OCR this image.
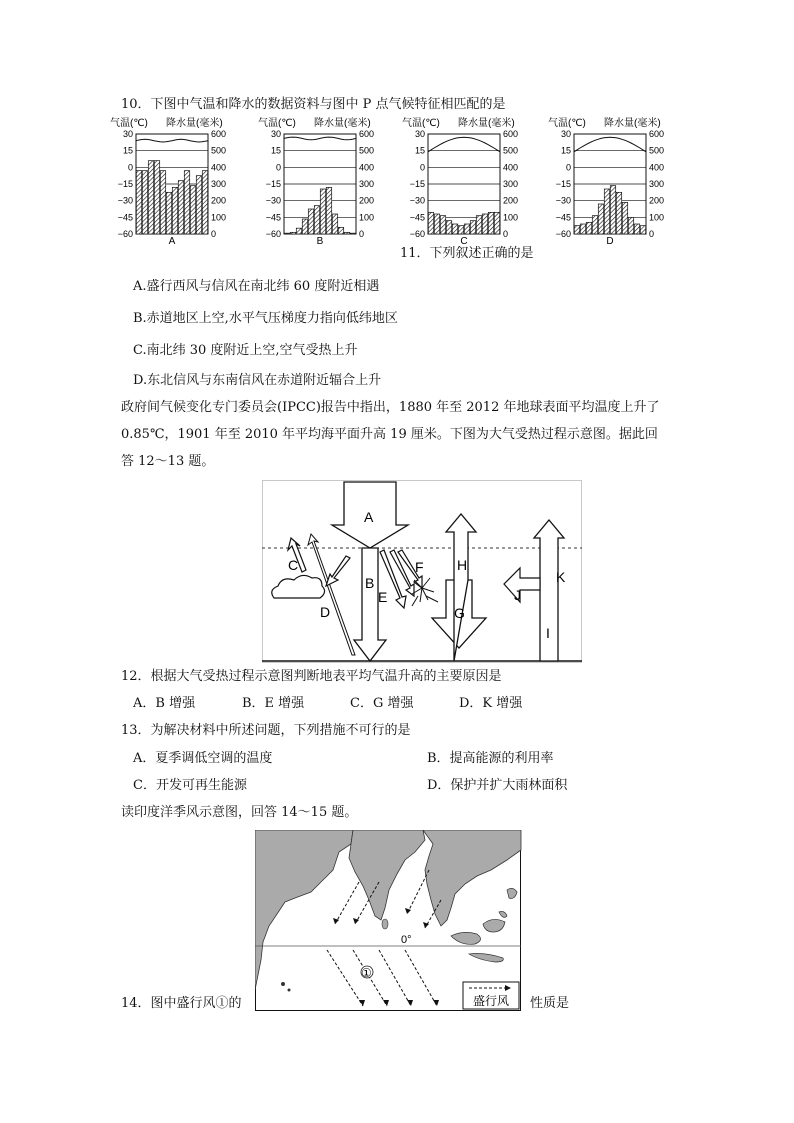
10．下图中气温和降水的数据资料与图中 P 点气候特征相匹配的是
气温(℃) 降水量(毫米)
30	600
15	500
0	400
−15	300
−30	200
−45	100
−60	0
A
气温(℃) 降水量(毫米)
30	600
15	500
0	400
−15	300
−30	200
−45	100
−60	0
B
气温(℃) 降水量(毫米)
30	600
15	500
0	400
−15	300
−30	200
−45	100
−60	0
C
气温(℃) 降水量(毫米)
30	600
15	500
0	400
−15	300
−30	200
−45	100
−60	0
D
11．下列叙述正确的是
A.盛行西风与信风在南北纬 60 度附近相遇
B.赤道地区上空,水平气压梯度力指向低纬地区
C.南北纬 30 度附近上空,空气受热上升
D.东北信风与东南信风在赤道附近辐合上升
政府间气候变化专门委员会(IPCC)报告中指出，1880 年至 2012 年地球表面平均温度上升了
0.85℃，1901 年至 2010 年平均海平面升高 19 厘米。下图为大气受热过程示意图。据此回
答 12～13 题。
A
B
C
D
E
F
G
H
I
J
K
12．根据大气受热过程示意图判断地表平均气温升高的主要原因是
A．B 增强	B．E 增强	C．G 增强	D．K 增强
13．为解决材料中所述问题，下列措施不可行的是
A．夏季调低空调的温度	B．提高能源的利用率
C．开发可再生能源	D．保护并扩大雨林面积
读印度洋季风示意图，回答 14～15 题。
0°
①
盛行风
14．图中盛行风①的	性质是
